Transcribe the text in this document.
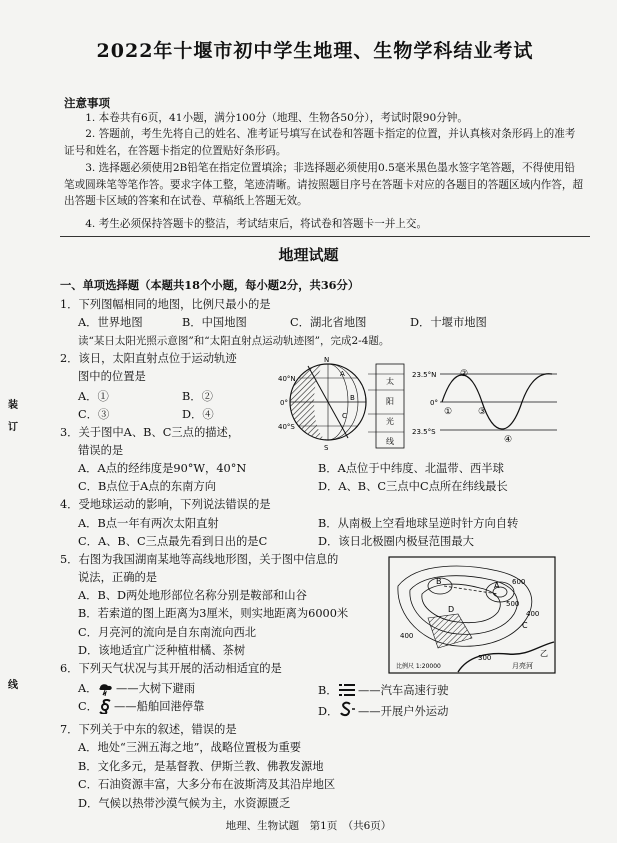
2022年十堰市初中学生地理、生物学科结业考试
注意事项
1. 本卷共有6页，41小题，满分100分（地理、生物各50分），考试时限90分钟。
2. 答题前，考生先将自己的姓名、准考证号填写在试卷和答题卡指定的位置，并认真核对条形码上的准考证号和姓名，在答题卡指定的位置贴好条形码。
3. 选择题必须使用2B铅笔在指定位置填涂；非选择题必须使用0.5毫米黑色墨水签字笔答题，不得使用铅笔或圆珠笔等笔作答。要求字体工整，笔迹清晰。请按照题目序号在答题卡对应的各题目的答题区域内作答，超出答题卡区域的答案和在试卷、草稿纸上答题无效。
4. 考生必须保持答题卡的整洁，考试结束后，将试卷和答题卡一并上交。
地理试题
一、单项选择题（本题共18个小题，每小题2分，共36分）
1．下列图幅相同的地图，比例尺最小的是
A．世界地图	B．中国地图	C．湖北省地图	D．十堰市地图
读“某日太阳光照示意图”和“太阳直射点运动轨迹图”，完成2-4题。
2．该日，太阳直射点位于运动轨迹
图中的位置是
A．①	B．②
C．③	D．④
40°N
0°
40°S
N
S
A
B
C
太
阳
光
线
23.5°N
0°
23.5°S
①
②
③
④
3．关于图中A、B、C三点的描述，
错误的是
A．A点的经纬度是90°W，40°N	B．A点位于中纬度、北温带、西半球
C．B点位于A点的东南方向	D．A、B、C三点中C点所在纬线最长
4．受地球运动的影响，下列说法错误的是
A．B点一年有两次太阳直射	B．从南极上空看地球呈逆时针方向自转
C．A、B、C三点最先看到日出的是C	D．该日北极圈内极昼范围最大
5．右图为我国湖南某地等高线地形图，关于图中信息的
说法，正确的是
A．B、D两处地形部位名称分别是鞍部和山谷
B．若索道的图上距离为3厘米，则实地距离为6000米
C．月亮河的流向是自东南流向西北
D．该地适宜广泛种植柑橘、茶树
A
B
C
D
500
600
400
300
400
比例尺 1:20000	月亮河
乙
6．下列天气状况与其开展的活动相适宜的是
A． ——大树下避雨	B． ——汽车高速行驶
C． ——船舶回港停靠	D． ——开展户外运动
7．下列关于中东的叙述，错误的是
A．地处“三洲五海之地”，战略位置极为重要
B．文化多元，是基督教、伊斯兰教、佛教发源地
C．石油资源丰富，大多分布在波斯湾及其沿岸地区
D．气候以热带沙漠气候为主，水资源匮乏
装
订
线
地理、生物试题　第1页　（共6页）
